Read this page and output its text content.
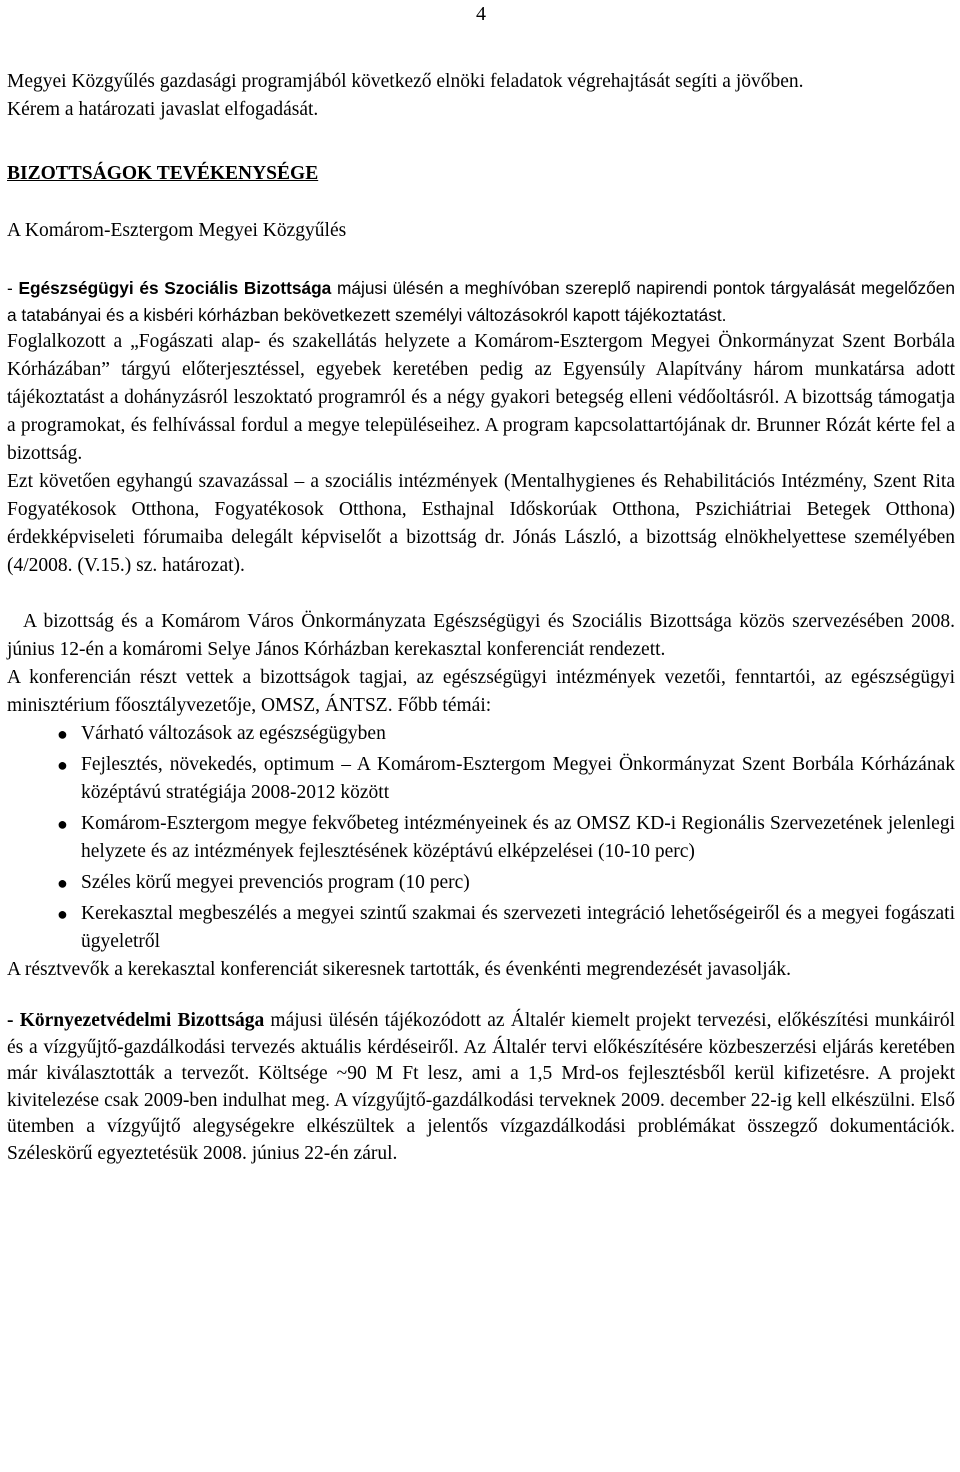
4

Megyei Közgyűlés gazdasági programjából következő elnöki feladatok végrehajtását segíti a jövőben.

Kérem a határozati javaslat elfogadását.

BIZOTTSÁGOK TEVÉKENYSÉGE

A Komárom-Esztergom Megyei Közgyűlés

- Egészségügyi és Szociális Bizottsága májusi ülésén a meghívóban szereplő napirendi pontok tárgyalását megelőzően a tatabányai és a kisbéri kórházban bekövetkezett személyi változásokról kapott tájékoztatást.

Foglalkozott a „Fogászati alap- és szakellátás helyzete a Komárom-Esztergom Megyei Önkormányzat Szent Borbála Kórházában” tárgyú előterjesztéssel, egyebek keretében pedig az Egyensúly Alapítvány három munkatársa adott tájékoztatást a dohányzásról leszoktató programról és a négy gyakori betegség elleni védőoltásról. A bizottság támogatja a programokat, és felhívással fordul a megye településeihez. A program kapcsolattartójának dr. Brunner Rózát kérte fel a bizottság.

Ezt követően egyhangú szavazással – a szociális intézmények (Mentalhygienes és Rehabilitációs Intézmény, Szent Rita Fogyatékosok Otthona, Fogyatékosok Otthona, Esthajnal Időskorúak Otthona, Pszichiátriai Betegek Otthona) érdekképviseleti fórumaiba delegált képviselőt a bizottság dr. Jónás László, a bizottság elnökhelyettese személyében (4/2008. (V.15.) sz. határozat).

A bizottság és a Komárom Város Önkormányzata Egészségügyi és Szociális Bizottsága közös szervezésében 2008. június 12-én a komáromi Selye János Kórházban kerekasztal konferenciát rendezett.

A konferencián részt vettek a bizottságok tagjai, az egészségügyi intézmények vezetői, fenntartói, az egészségügyi minisztérium főosztályvezetője, OMSZ, ÁNTSZ. Főbb témái:

● Várható változások az egészségügyben
● Fejlesztés, növekedés, optimum – A Komárom-Esztergom Megyei Önkormányzat Szent Borbála Kórházának középtávú stratégiája 2008-2012 között
● Komárom-Esztergom megye fekvőbeteg intézményeinek és az OMSZ KD-i Regionális Szervezetének jelenlegi helyzete és az intézmények fejlesztésének középtávú elképzelései (10-10 perc)
● Széles körű megyei prevenciós program (10 perc)
● Kerekasztal megbeszélés a megyei szintű szakmai és szervezeti integráció lehetőségeiről és a megyei fogászati ügyeletről

A résztvevők a kerekasztal konferenciát sikeresnek tartották, és évenkénti megrendezését javasolják.

- Környezetvédelmi Bizottsága májusi ülésén tájékozódott az Általér kiemelt projekt tervezési, előkészítési munkáiról és a vízgyűjtő-gazdálkodási tervezés aktuális kérdéseiről. Az Általér tervi előkészítésére közbeszerzési eljárás keretében már kiválasztották a tervezőt. Költsége ~90 M Ft lesz, ami a 1,5 Mrd-os fejlesztésből kerül kifizetésre. A projekt kivitelezése csak 2009-ben indulhat meg. A vízgyűjtő-gazdálkodási terveknek 2009. december 22-ig kell elkészülni. Első ütemben a vízgyűjtő alegységekre elkészültek a jelentős vízgazdálkodási problémákat összegző dokumentációk. Széleskörű egyeztetésük 2008. június 22-én zárul.
